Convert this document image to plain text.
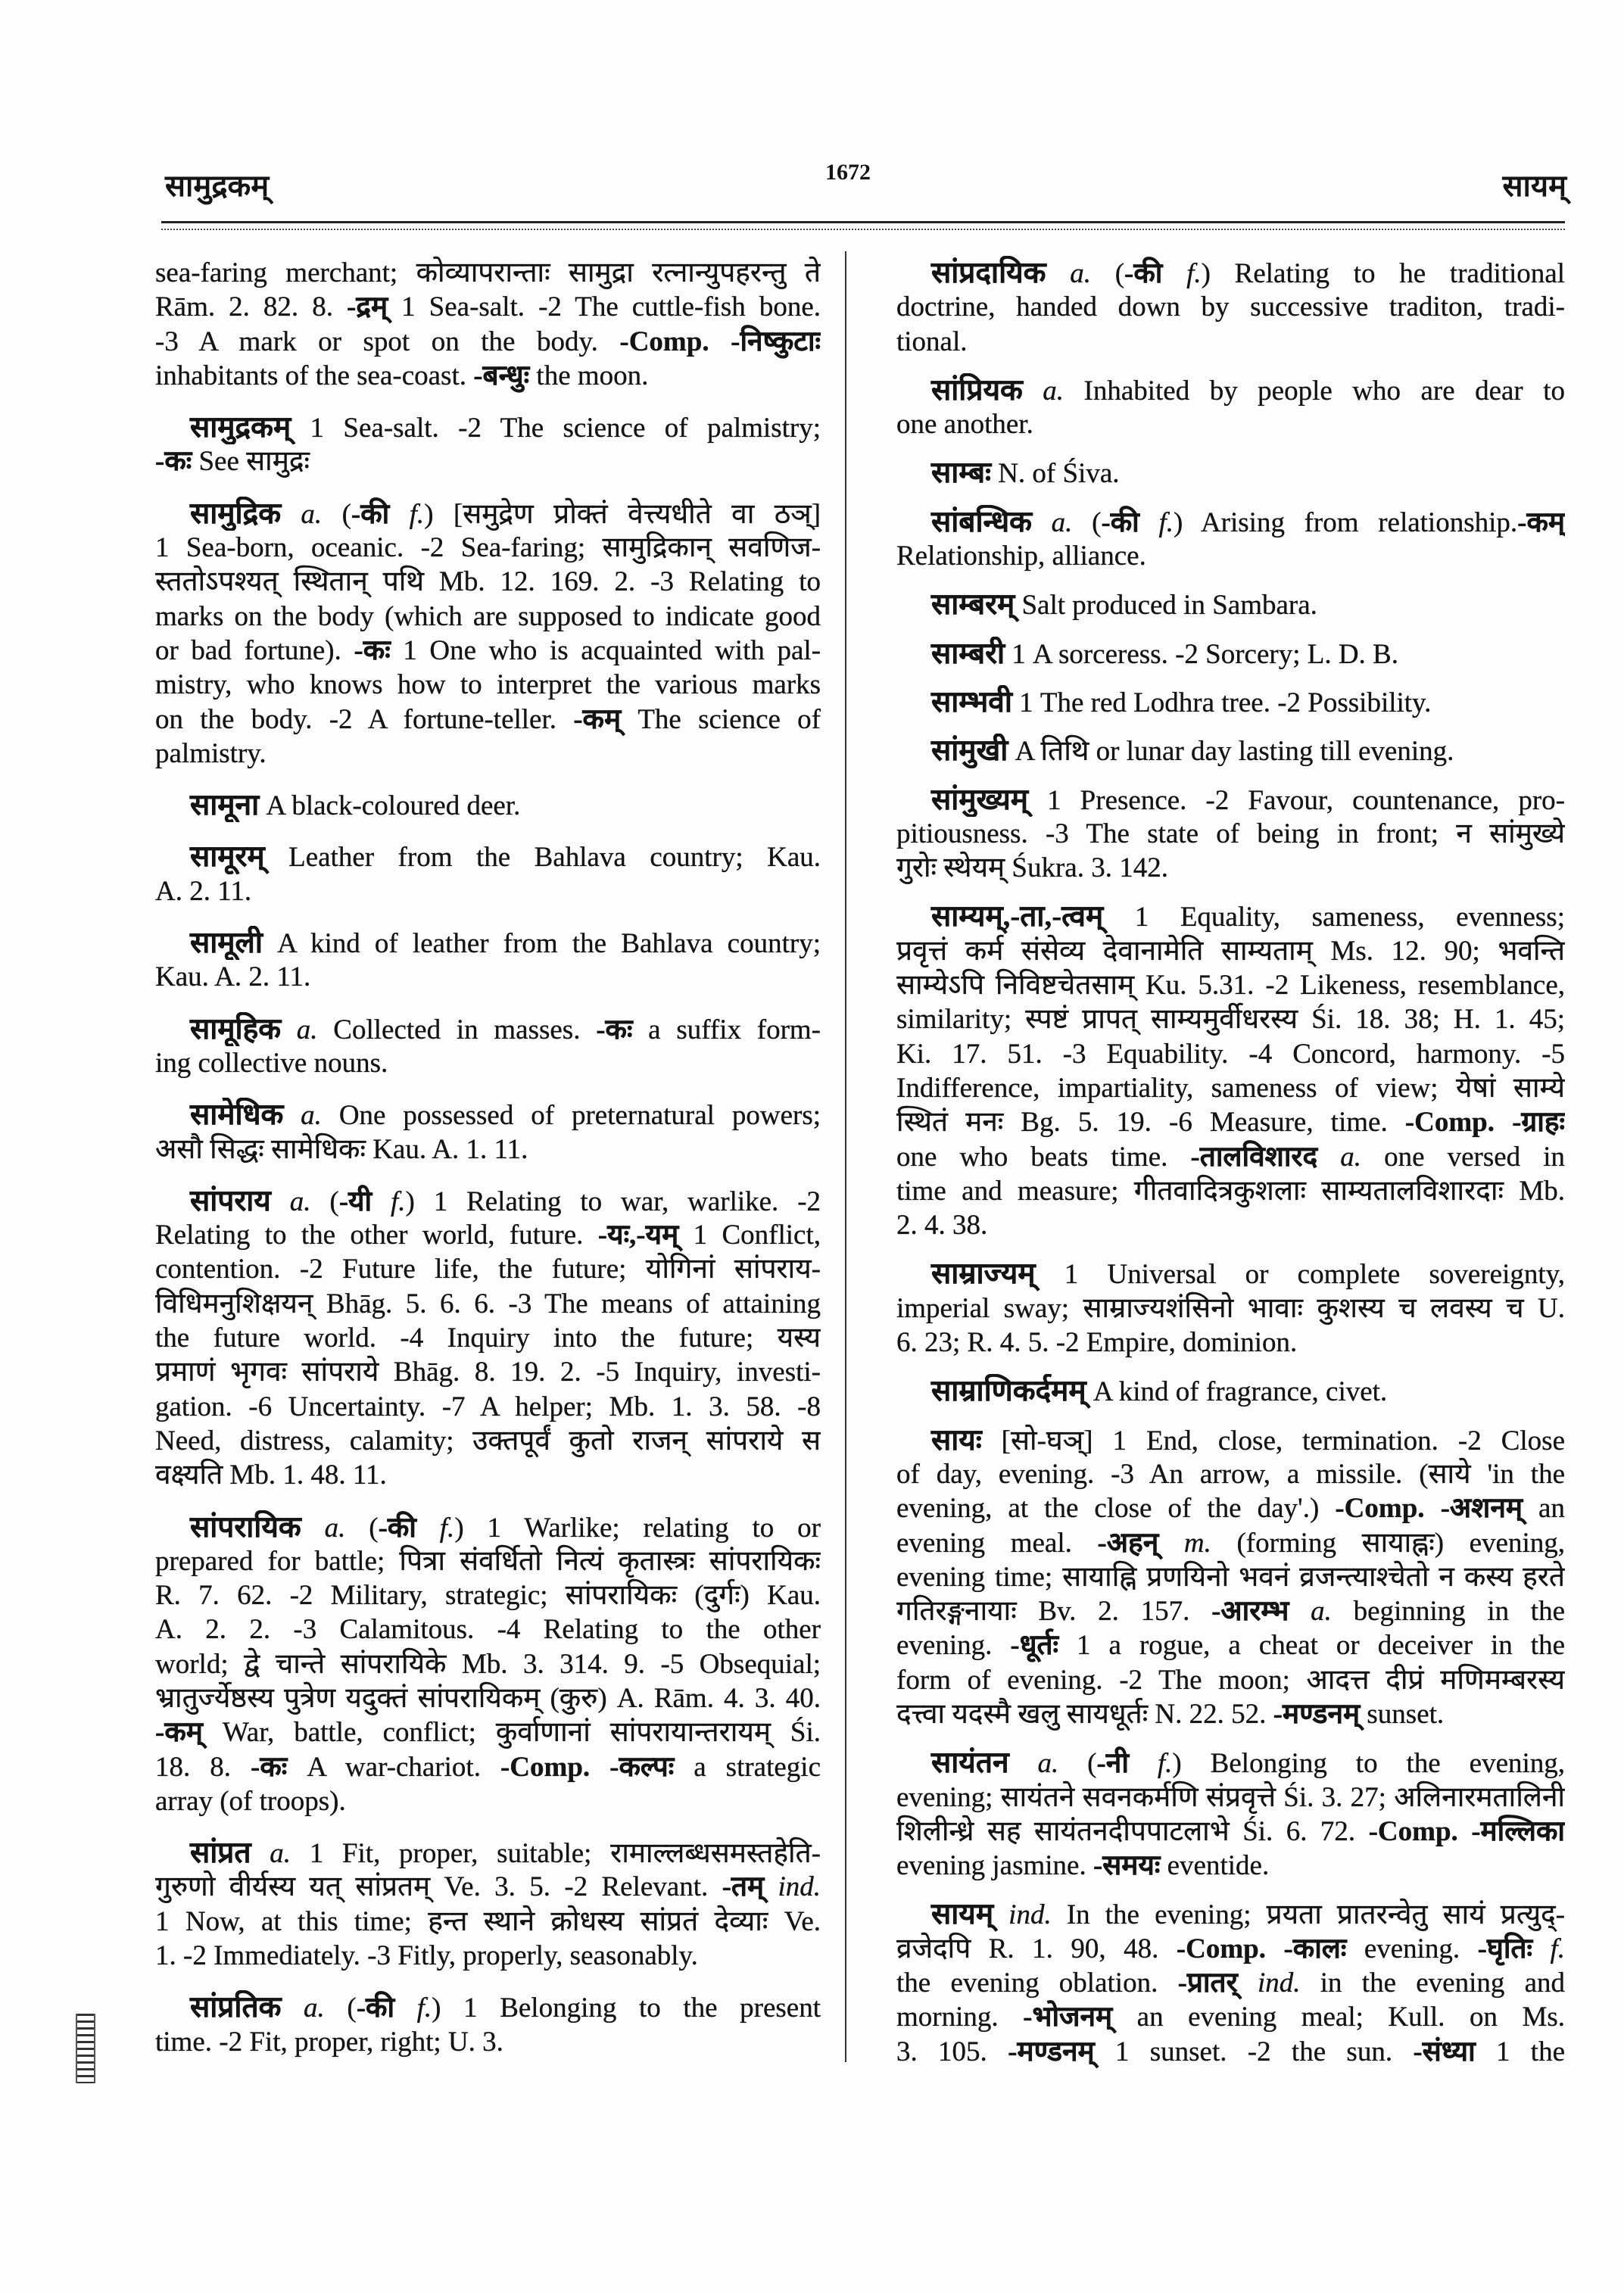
सामुद्रकम्	1672	सायम्
sea-faring merchant; कोव्यापरान्ताः सामुद्रा रत्नान्युपहरन्तु ते
Rām. 2. 82. 8. -द्रम् 1 Sea-salt. -2 The cuttle-fish bone.
-3 A mark or spot on the body. -Comp. -निष्कुटाः
inhabitants of the sea-coast. -बन्धुः the moon.
सामुद्रकम् 1 Sea-salt. -2 The science of palmistry;
-कः See सामुद्रः
सामुद्रिक a. (-की f.) [समुद्रेण प्रोक्तं वेत्त्यधीते वा ठञ्]
1 Sea-born, oceanic. -2 Sea-faring; सामुद्रिकान् सवणिज-
स्ततोऽपश्यत् स्थितान् पथि Mb. 12. 169. 2. -3 Relating to
marks on the body (which are supposed to indicate good
or bad fortune). -कः 1 One who is acquainted with pal-
mistry, who knows how to interpret the various marks
on the body. -2 A fortune-teller. -कम् The science of
palmistry.
सामूना A black-coloured deer.
सामूरम् Leather from the Bahlava country; Kau.
A. 2. 11.
सामूली A kind of leather from the Bahlava country;
Kau. A. 2. 11.
सामूहिक a. Collected in masses. -कः a suffix form-
ing collective nouns.
सामेधिक a. One possessed of preternatural powers;
असौ सिद्धः सामेधिकः Kau. A. 1. 11.
सांपराय a. (-यी f.) 1 Relating to war, warlike. -2
Relating to the other world, future. -यः,-यम् 1 Conflict,
contention. -2 Future life, the future; योगिनां सांपराय-
विधिमनुशिक्षयन् Bhāg. 5. 6. 6. -3 The means of attaining
the future world. -4 Inquiry into the future; यस्य
प्रमाणं भृगवः सांपराये Bhāg. 8. 19. 2. -5 Inquiry, investi-
gation. -6 Uncertainty. -7 A helper; Mb. 1. 3. 58. -8
Need, distress, calamity; उक्तपूर्वं कुतो राजन् सांपराये स
वक्ष्यति Mb. 1. 48. 11.
सांपरायिक a. (-की f.) 1 Warlike; relating to or
prepared for battle; पित्रा संवर्धितो नित्यं कृतास्त्रः सांपरायिकः
R. 7. 62. -2 Military, strategic; सांपरायिकः (दुर्गः) Kau.
A. 2. 2. -3 Calamitous. -4 Relating to the other
world; द्वे चान्ते सांपरायिके Mb. 3. 314. 9. -5 Obsequial;
भ्रातुर्ज्येष्ठस्य पुत्रेण यदुक्तं सांपरायिकम् (कुरु) A. Rām. 4. 3. 40.
-कम् War, battle, conflict; कुर्वाणानां सांपरायान्तरायम् Śi.
18. 8. -कः A war-chariot. -Comp. -कल्पः a strategic
array (of troops).
सांप्रत a. 1 Fit, proper, suitable; रामाल्लब्धसमस्तहेति-
गुरुणो वीर्यस्य यत् सांप्रतम् Ve. 3. 5. -2 Relevant. -तम् ind.
1 Now, at this time; हन्त स्थाने क्रोधस्य सांप्रतं देव्याः Ve.
1. -2 Immediately. -3 Fitly, properly, seasonably.
सांप्रतिक a. (-की f.) 1 Belonging to the present
time. -2 Fit, proper, right; U. 3.
सांप्रदायिक a. (-की f.) Relating to he traditional
doctrine, handed down by successive traditon, tradi-
tional.
सांप्रियक a. Inhabited by people who are dear to
one another.
साम्बः N. of Śiva.
सांबन्धिक a. (-की f.) Arising from relationship.-कम्
Relationship, alliance.
साम्बरम् Salt produced in Sambara.
साम्बरी 1 A sorceress. -2 Sorcery; L. D. B.
साम्भवी 1 The red Lodhra tree. -2 Possibility.
सांमुखी A तिथि or lunar day lasting till evening.
सांमुख्यम् 1 Presence. -2 Favour, countenance, pro-
pitiousness. -3 The state of being in front; न सांमुख्ये
गुरोः स्थेयम् Śukra. 3. 142.
साम्यम्,-ता,-त्वम् 1 Equality, sameness, evenness;
प्रवृत्तं कर्म संसेव्य देवानामेति साम्यताम् Ms. 12. 90; भवन्ति
साम्येऽपि निविष्टचेतसाम् Ku. 5.31. -2 Likeness, resemblance,
similarity; स्पष्टं प्रापत् साम्यमुर्वीधरस्य Śi. 18. 38; H. 1. 45;
Ki. 17. 51. -3 Equability. -4 Concord, harmony. -5
Indifference, impartiality, sameness of view; येषां साम्ये
स्थितं मनः Bg. 5. 19. -6 Measure, time. -Comp. -ग्राहः
one who beats time. -तालविशारद a. one versed in
time and measure; गीतवादित्रकुशलाः साम्यतालविशारदाः Mb.
2. 4. 38.
साम्राज्यम् 1 Universal or complete sovereignty,
imperial sway; साम्राज्यशंसिनो भावाः कुशस्य च लवस्य च U.
6. 23; R. 4. 5. -2 Empire, dominion.
साम्राणिकर्दमम् A kind of fragrance, civet.
सायः [सो-घञ्] 1 End, close, termination. -2 Close
of day, evening. -3 An arrow, a missile. (साये 'in the
evening, at the close of the day'.) -Comp. -अशनम् an
evening meal. -अहन् m. (forming सायाह्नः) evening,
evening time; सायाह्नि प्रणयिनो भवनं व्रजन्त्याश्चेतो न कस्य हरते
गतिरङ्गनायाः Bv. 2. 157. -आरम्भ a. beginning in the
evening. -धूर्तः 1 a rogue, a cheat or deceiver in the
form of evening. -2 The moon; आदत्त दीप्रं मणिमम्बरस्य
दत्त्वा यदस्मै खलु सायधूर्तः N. 22. 52. -मण्डनम् sunset.
सायंतन a. (-नी f.) Belonging to the evening,
evening; सायंतने सवनकर्मणि संप्रवृत्ते Śi. 3. 27; अलिनारमतालिनी
शिलीन्ध्रे सह सायंतनदीपपाटलाभे Śi. 6. 72. -Comp. -मल्लिका
evening jasmine. -समयः eventide.
सायम् ind. In the evening; प्रयता प्रातरन्वेतु सायं प्रत्युद्-
व्रजेदपि R. 1. 90, 48. -Comp. -कालः evening. -घृतिः f.
the evening oblation. -प्रातर् ind. in the evening and
morning. -भोजनम् an evening meal; Kull. on Ms.
3. 105. -मण्डनम् 1 sunset. -2 the sun. -संध्या 1 the
